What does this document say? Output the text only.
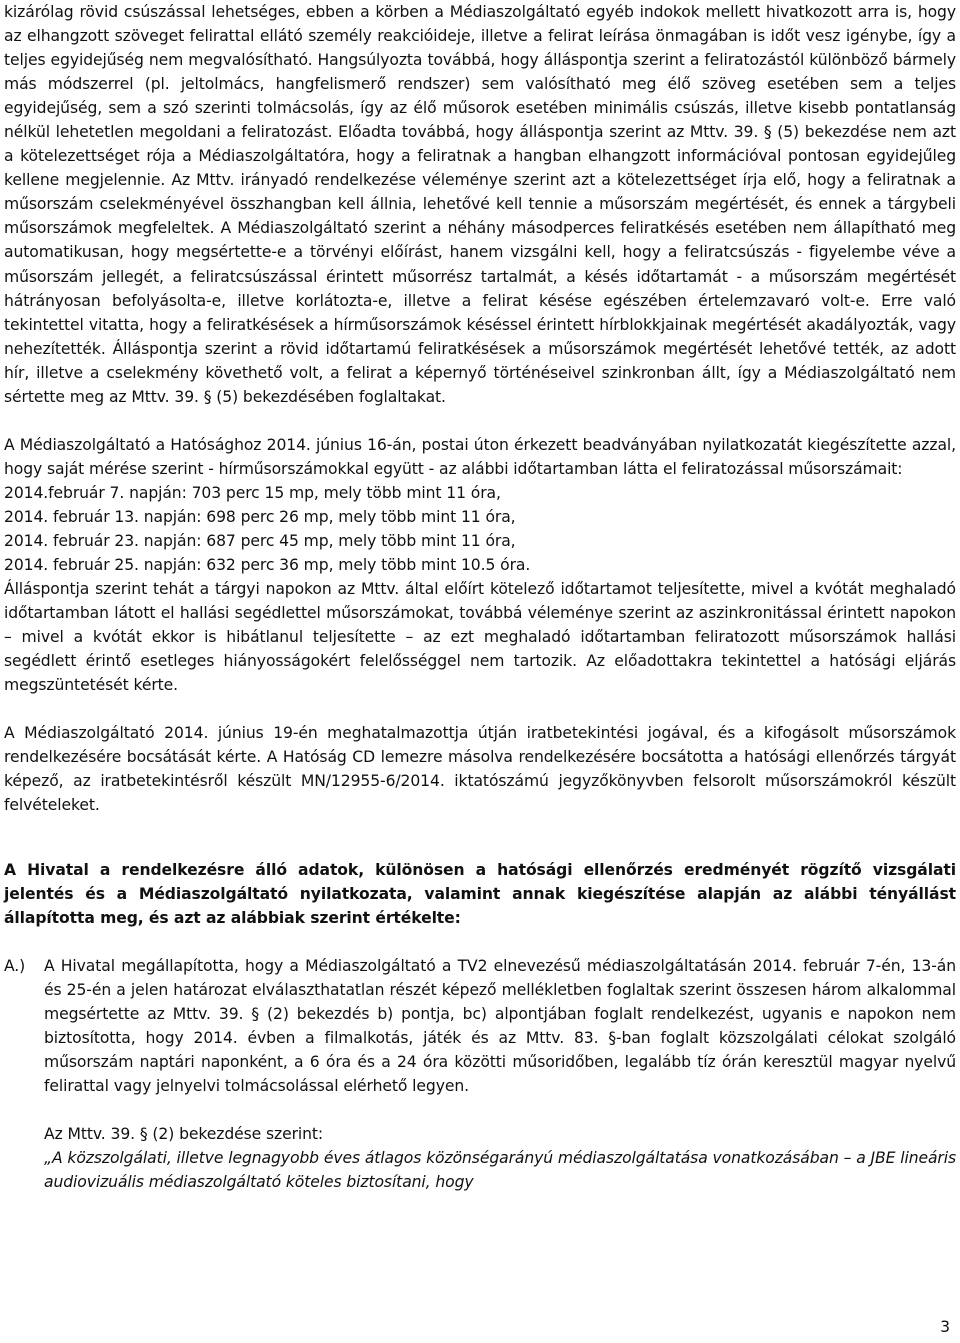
kizárólag rövid csúszással lehetséges, ebben a körben a Médiaszolgáltató egyéb indokok mellett hivatkozott arra is, hogy az elhangzott szöveget felirattal ellátó személy reakcióideje, illetve a felirat leírása önmagában is időt vesz igénybe, így a teljes egyidejűség nem megvalósítható. Hangsúlyozta továbbá, hogy álláspontja szerint a feliratozástól különböző bármely más módszerrel (pl. jeltolmács, hangfelismerő rendszer) sem valósítható meg élő szöveg esetében sem a teljes egyidejűség, sem a szó szerinti tolmácsolás, így az élő műsorok esetében minimális csúszás, illetve kisebb pontatlanság nélkül lehetetlen megoldani a feliratozást. Előadta továbbá, hogy álláspontja szerint az Mttv. 39. § (5) bekezdése nem azt a kötelezettséget rója a Médiaszolgáltatóra, hogy a feliratnak a hangban elhangzott információval pontosan egyidejűleg kellene megjelennie. Az Mttv. irányadó rendelkezése véleménye szerint azt a kötelezettséget írja elő, hogy a feliratnak a műsorszám cselekményével összhangban kell állnia, lehetővé kell tennie a műsorszám megértését, és ennek a tárgybeli műsorszámok megfeleltek. A Médiaszolgáltató szerint a néhány másodperces feliratkésés esetében nem állapítható meg automatikusan, hogy megsértette-e a törvényi előírást, hanem vizsgálni kell, hogy a feliratcsúszás - figyelembe véve a műsorszám jellegét, a feliratcsúszással érintett műsorrész tartalmát, a késés időtartamát - a műsorszám megértését hátrányosan befolyásolta-e, illetve korlátozta-e, illetve a felirat késése egészében értelemzavaró volt-e. Erre való tekintettel vitatta, hogy a feliratkésések a hírműsorszámok késéssel érintett hírblokkjainak megértését akadályozták, vagy nehezítették. Álláspontja szerint a rövid időtartamú feliratkésések a műsorszámok megértését lehetővé tették, az adott hír, illetve a cselekmény követhető volt, a felirat a képernyő történéseivel szinkronban állt, így a Médiaszolgáltató nem sértette meg az Mttv. 39. § (5) bekezdésében foglaltakat.

A Médiaszolgáltató a Hatósághoz 2014. június 16-án, postai úton érkezett beadványában nyilatkozatát kiegészítette azzal, hogy saját mérése szerint - hírműsorszámokkal együtt - az alábbi időtartamban látta el feliratozással műsorszámait:

2014.február 7. napján: 703 perc 15 mp, mely több mint 11 óra,

2014. február 13. napján: 698 perc 26 mp, mely több mint 11 óra,

2014. február 23. napján: 687 perc 45 mp, mely több mint 11 óra,

2014. február 25. napján: 632 perc 36 mp, mely több mint 10.5 óra.

Álláspontja szerint tehát a tárgyi napokon az Mttv. által előírt kötelező időtartamot teljesítette, mivel a kvótát meghaladó időtartamban látott el hallási segédlettel műsorszámokat, továbbá véleménye szerint az aszinkronitással érintett napokon – mivel a kvótát ekkor is hibátlanul teljesítette – az ezt meghaladó időtartamban feliratozott műsorszámok hallási segédlett érintő esetleges hiányosságokért felelősséggel nem tartozik. Az előadottakra tekintettel a hatósági eljárás megszüntetését kérte.

A Médiaszolgáltató 2014. június 19-én meghatalmazottja útján iratbetekintési jogával, és a kifogásolt műsorszámok rendelkezésére bocsátását kérte. A Hatóság CD lemezre másolva rendelkezésére bocsátotta a hatósági ellenőrzés tárgyát képező, az iratbetekintésről készült MN/12955-6/2014. iktatószámú jegyzőkönyvben felsorolt műsorszámokról készült felvételeket.

A Hivatal a rendelkezésre álló adatok, különösen a hatósági ellenőrzés eredményét rögzítő vizsgálati jelentés és a Médiaszolgáltató nyilatkozata, valamint annak kiegészítése alapján az alábbi tényállást állapította meg, és azt az alábbiak szerint értékelte:

A.)	A Hivatal megállapította, hogy a Médiaszolgáltató a TV2 elnevezésű médiaszolgáltatásán 2014. február 7-én, 13-án és 25-én a jelen határozat elválaszthatatlan részét képező mellékletben foglaltak szerint összesen három alkalommal megsértette az Mttv. 39. § (2) bekezdés b) pontja, bc) alpontjában foglalt rendelkezést, ugyanis e napokon nem biztosította, hogy 2014. évben a filmalkotás, játék és az Mttv. 83. §-ban foglalt közszolgálati célokat szolgáló műsorszám naptári naponként, a 6 óra és a 24 óra közötti műsoridőben, legalább tíz órán keresztül magyar nyelvű felirattal vagy jelnyelvi tolmácsolással elérhető legyen.

Az Mttv. 39. § (2) bekezdése szerint:

„A közszolgálati, illetve legnagyobb éves átlagos közönségarányú médiaszolgáltatása vonatkozásában – a JBE lineáris audiovizuális médiaszolgáltató köteles biztosítani, hogy

3
